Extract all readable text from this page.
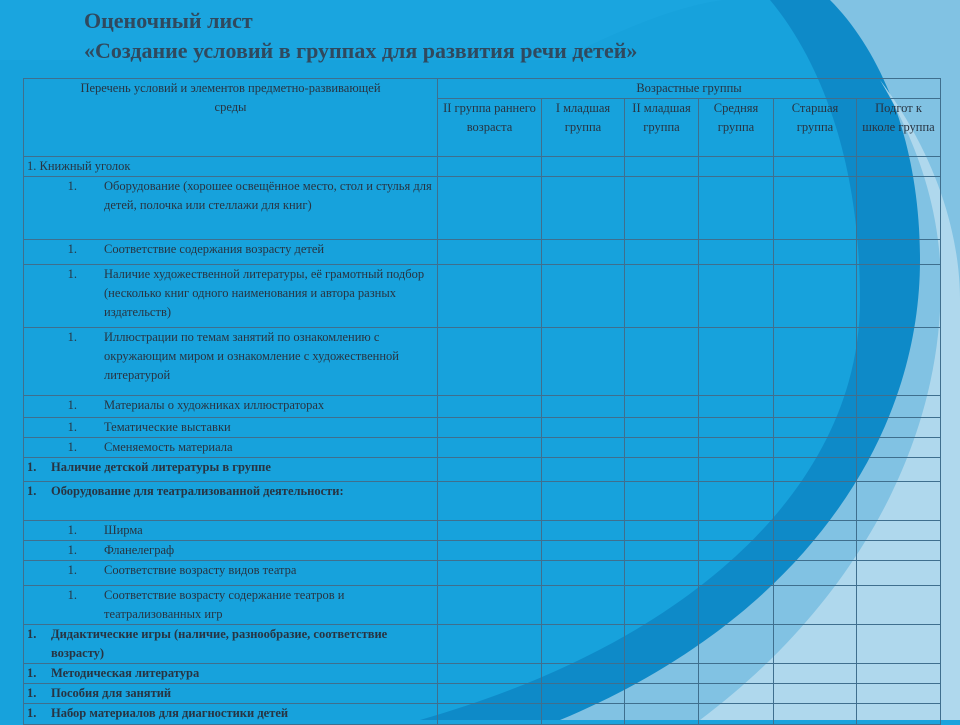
Оценочный лист
«Создание условий в группах для развития речи детей»
Перечень условий и элементов предметно-развивающей среды	Возрастные группы					
	II группа раннего возраста	I младшая группа	II младшая группа	Средняя группа	Старшая группа	Подгот к школе группа
1. Книжный уголок						

1. Оборудование (хорошее освещённое место, стол и стулья для детей, полочка или стеллажи для книг)						

1. Соответствие содержания возрасту детей						

1. Наличие художественной литературы, её грамотный подбор (несколько книг одного наименования и автора разных издательств)						

1. Иллюстрации по темам занятий по ознакомлению с окружающим миром и ознакомление с художественной литературой						

1. Материалы о художниках иллюстраторах						

1. Тематические выставки						

1. Сменяемость материала						

1. Наличие детской литературы в группе						

1. Оборудование для театрализованной деятельности:						

1. Ширма						

1. Фланелеграф						

1. Соответствие возрасту видов театра						

1. Соответствие возрасту содержание театров и театрализованных игр						

1. Дидактические игры (наличие, разнообразие, соответствие возрасту)						

1. Методическая литература						

1. Пособия для занятий						

1. Набор материалов для диагностики детей						
